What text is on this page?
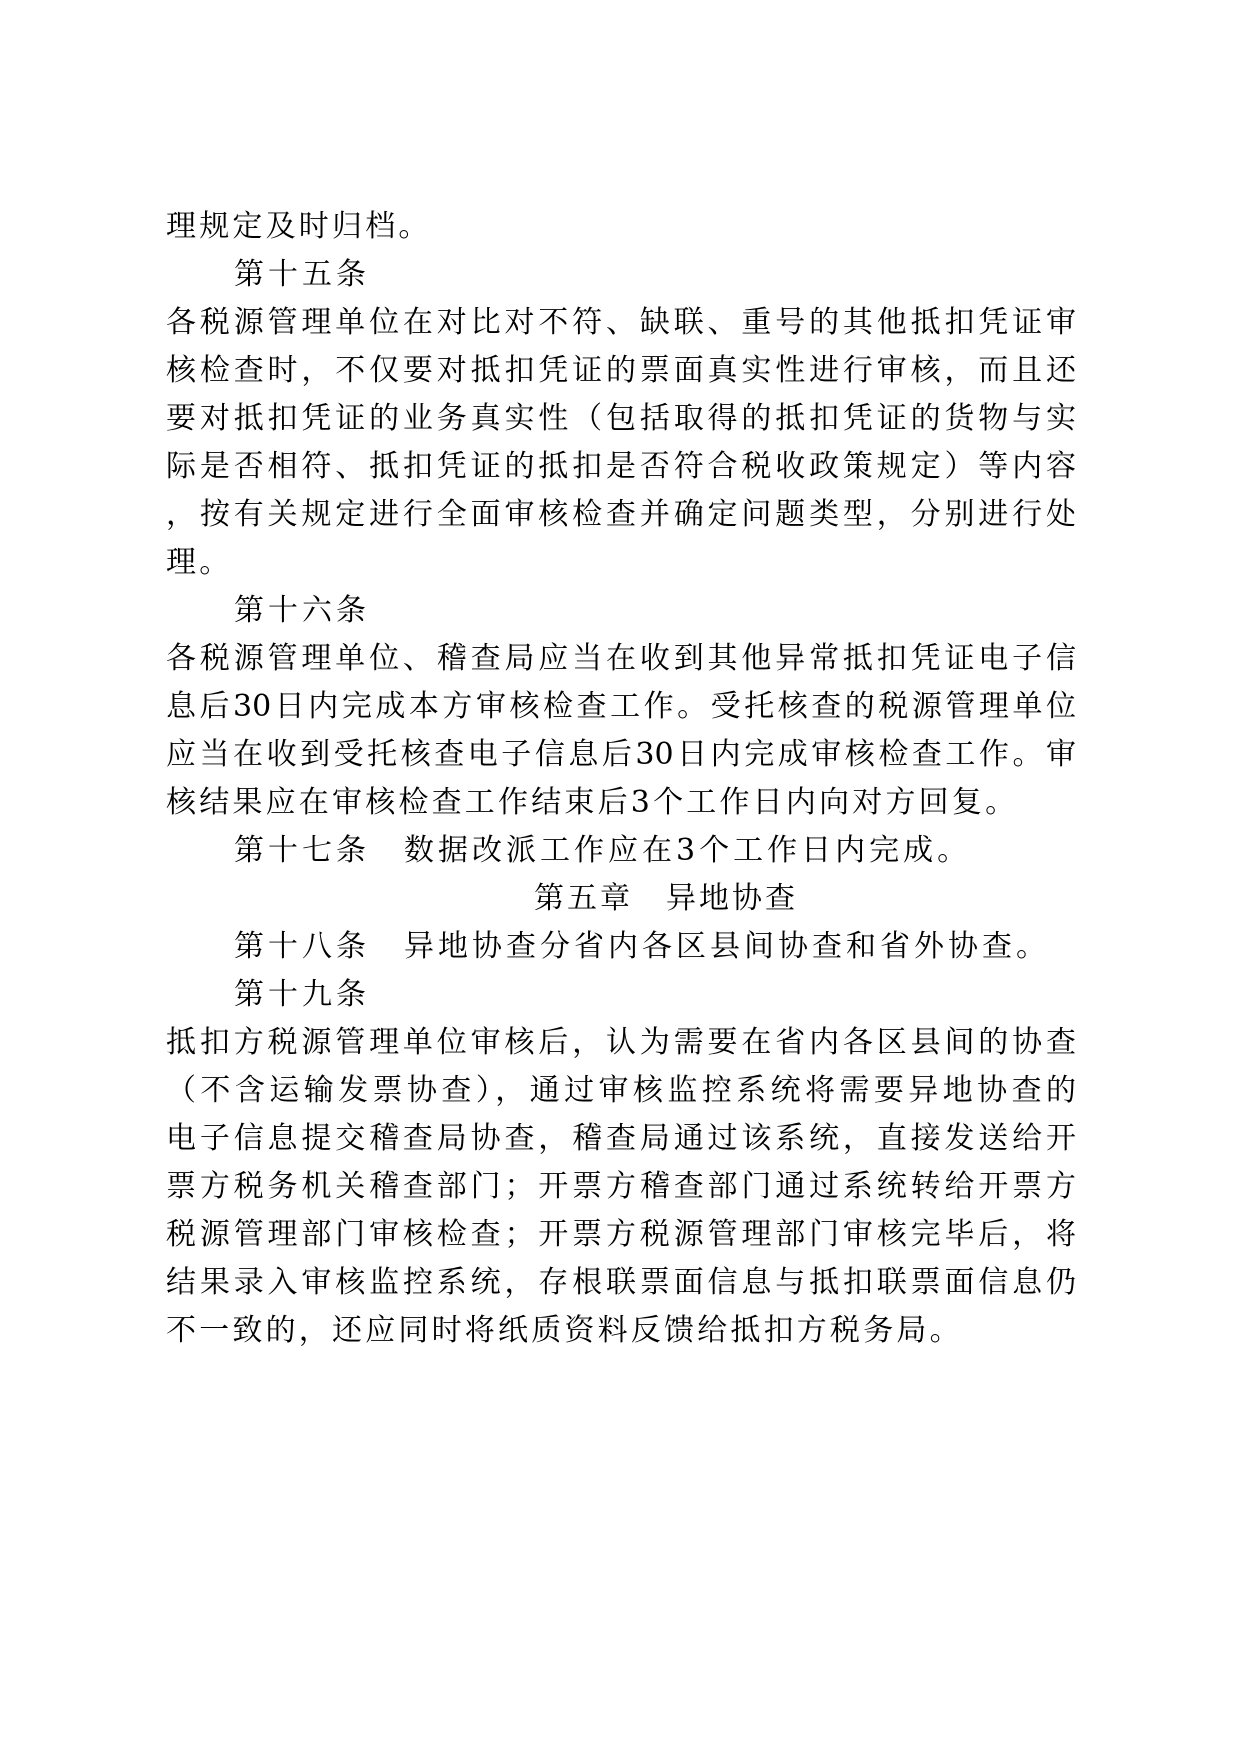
理规定及时归档。
第十五条
各税源管理单位在对比对不符、缺联、重号的其他抵扣凭证审
核检查时，不仅要对抵扣凭证的票面真实性进行审核，而且还
要对抵扣凭证的业务真实性（包括取得的抵扣凭证的货物与实
际是否相符、抵扣凭证的抵扣是否符合税收政策规定）等内容
，按有关规定进行全面审核检查并确定问题类型，分别进行处
理。
第十六条
各税源管理单位、稽查局应当在收到其他异常抵扣凭证电子信
息后30日内完成本方审核检查工作。受托核查的税源管理单位
应当在收到受托核查电子信息后30日内完成审核检查工作。审
核结果应在审核检查工作结束后3个工作日内向对方回复。
第十七条　数据改派工作应在3个工作日内完成。
第五章　异地协查
第十八条　异地协查分省内各区县间协查和省外协查。
第十九条
抵扣方税源管理单位审核后，认为需要在省内各区县间的协查
（不含运输发票协查），通过审核监控系统将需要异地协查的
电子信息提交稽查局协查，稽查局通过该系统，直接发送给开
票方税务机关稽查部门；开票方稽查部门通过系统转给开票方
税源管理部门审核检查；开票方税源管理部门审核完毕后，将
结果录入审核监控系统，存根联票面信息与抵扣联票面信息仍
不一致的，还应同时将纸质资料反馈给抵扣方税务局。
